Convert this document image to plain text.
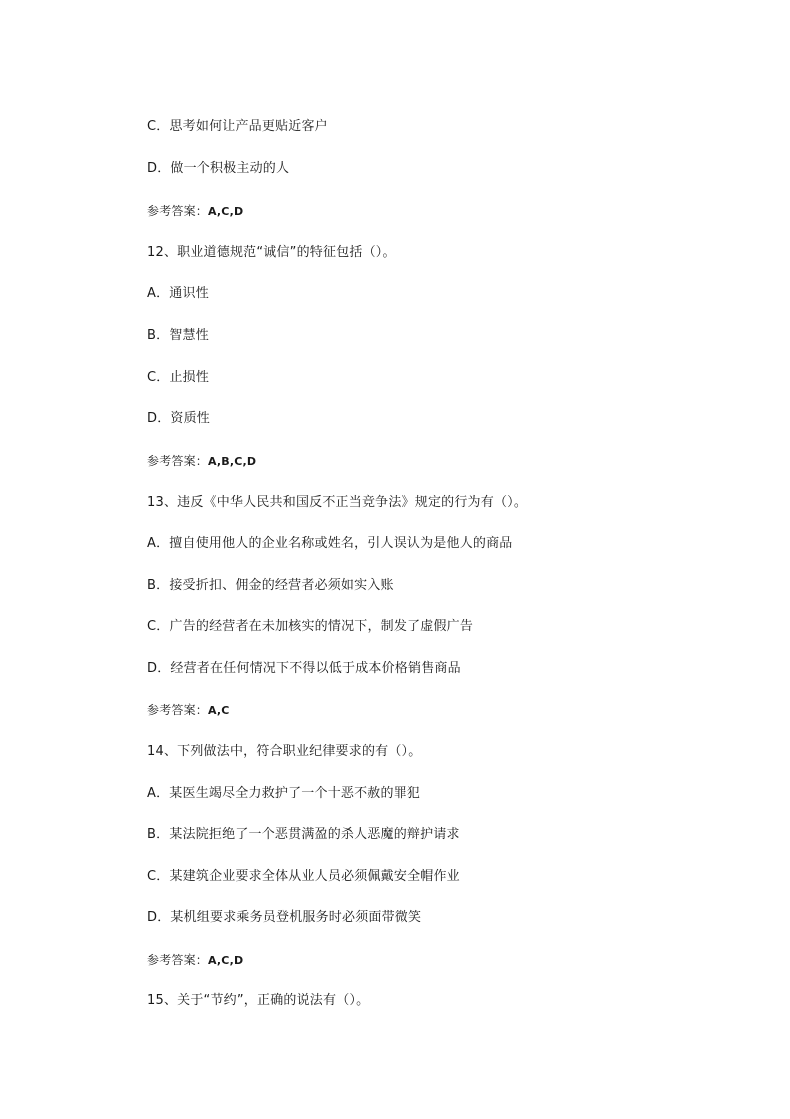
C．思考如何让产品更贴近客户
D．做一个积极主动的人
参考答案：A,C,D
12、职业道德规范“诚信”的特征包括（）。
A．通识性
B．智慧性
C．止损性
D．资质性
参考答案：A,B,C,D
13、违反《中华人民共和国反不正当竞争法》规定的行为有（）。
A．擅自使用他人的企业名称或姓名，引人误认为是他人的商品
B．接受折扣、佣金的经营者必须如实入账
C．广告的经营者在未加核实的情况下，制发了虚假广告
D．经营者在任何情况下不得以低于成本价格销售商品
参考答案：A,C
14、下列做法中，符合职业纪律要求的有（）。
A．某医生竭尽全力救护了一个十恶不赦的罪犯
B．某法院拒绝了一个恶贯满盈的杀人恶魔的辩护请求
C．某建筑企业要求全体从业人员必须佩戴安全帽作业
D．某机组要求乘务员登机服务时必须面带微笑
参考答案：A,C,D
15、关于“节约”，正确的说法有（）。
